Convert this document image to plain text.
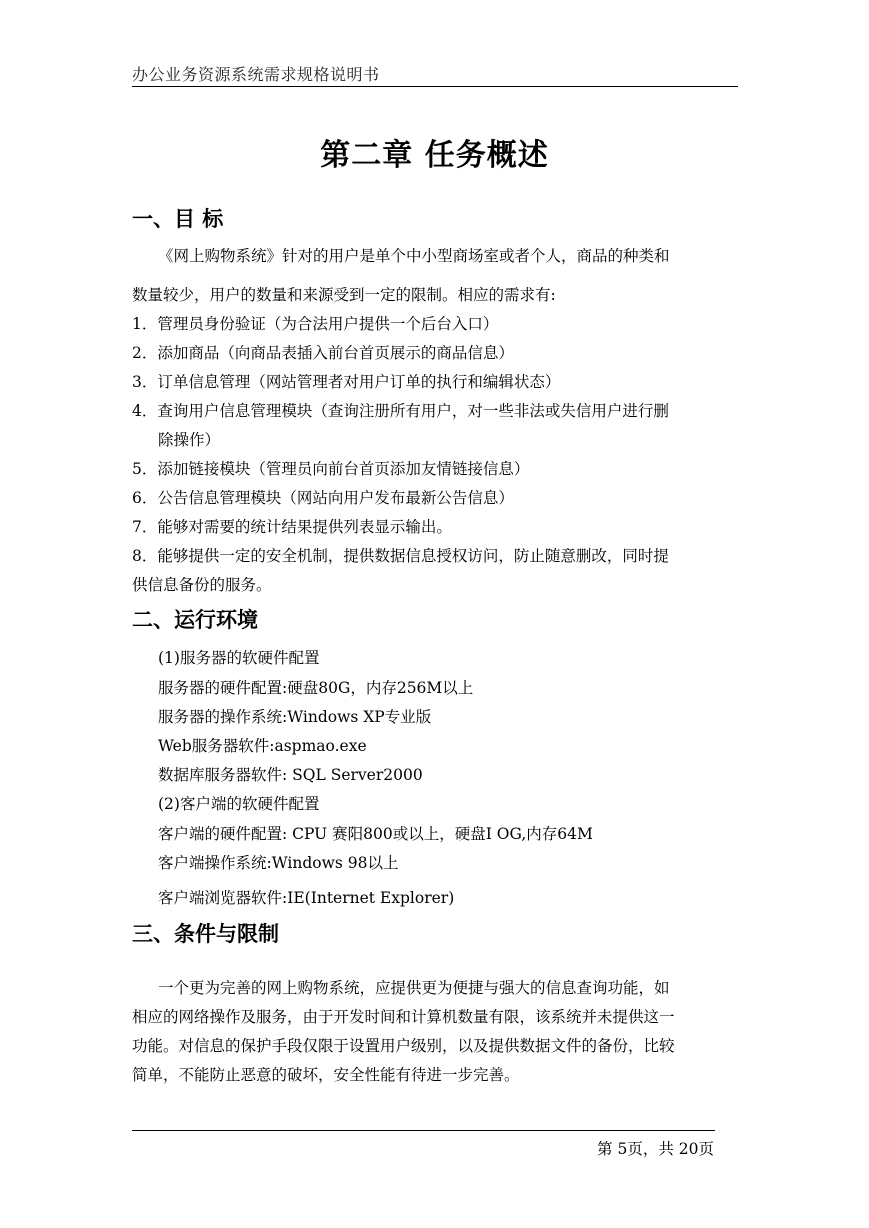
办公业务资源系统需求规格说明书
第二章 任务概述
一、目 标
《网上购物系统》针对的用户是单个中小型商场室或者个人，商品的种类和
数量较少，用户的数量和来源受到一定的限制。相应的需求有:
1．管理员身份验证（为合法用户提供一个后台入口）
2．添加商品（向商品表插入前台首页展示的商品信息）
3．订单信息管理（网站管理者对用户订单的执行和编辑状态）
4．查询用户信息管理模块（查询注册所有用户，对一些非法或失信用户进行删
除操作）
5．添加链接模块（管理员向前台首页添加友情链接信息）
6．公告信息管理模块（网站向用户发布最新公告信息）
7．能够对需要的统计结果提供列表显示输出。
8．能够提供一定的安全机制，提供数据信息授权访问，防止随意删改，同时提
供信息备份的服务。
二、运行环境
(1)服务器的软硬件配置
服务器的硬件配置:硬盘80G，内存256M以上
服务器的操作系统:Windows XP专业版
Web服务器软件:aspmao.exe
数据库服务器软件: SQL Server2000
(2)客户端的软硬件配置
客户端的硬件配置: CPU 赛阳800或以上，硬盘I OG,内存64M
客户端操作系统:Windows 98以上
客户端浏览器软件:IE(Internet Explorer)
三、条件与限制
一个更为完善的网上购物系统，应提供更为便捷与强大的信息查询功能，如
相应的网络操作及服务，由于开发时间和计算机数量有限，该系统并未提供这一
功能。对信息的保护手段仅限于设置用户级别，以及提供数据文件的备份，比较
简单，不能防止恶意的破坏，安全性能有待进一步完善。
第 5页，共 20页
